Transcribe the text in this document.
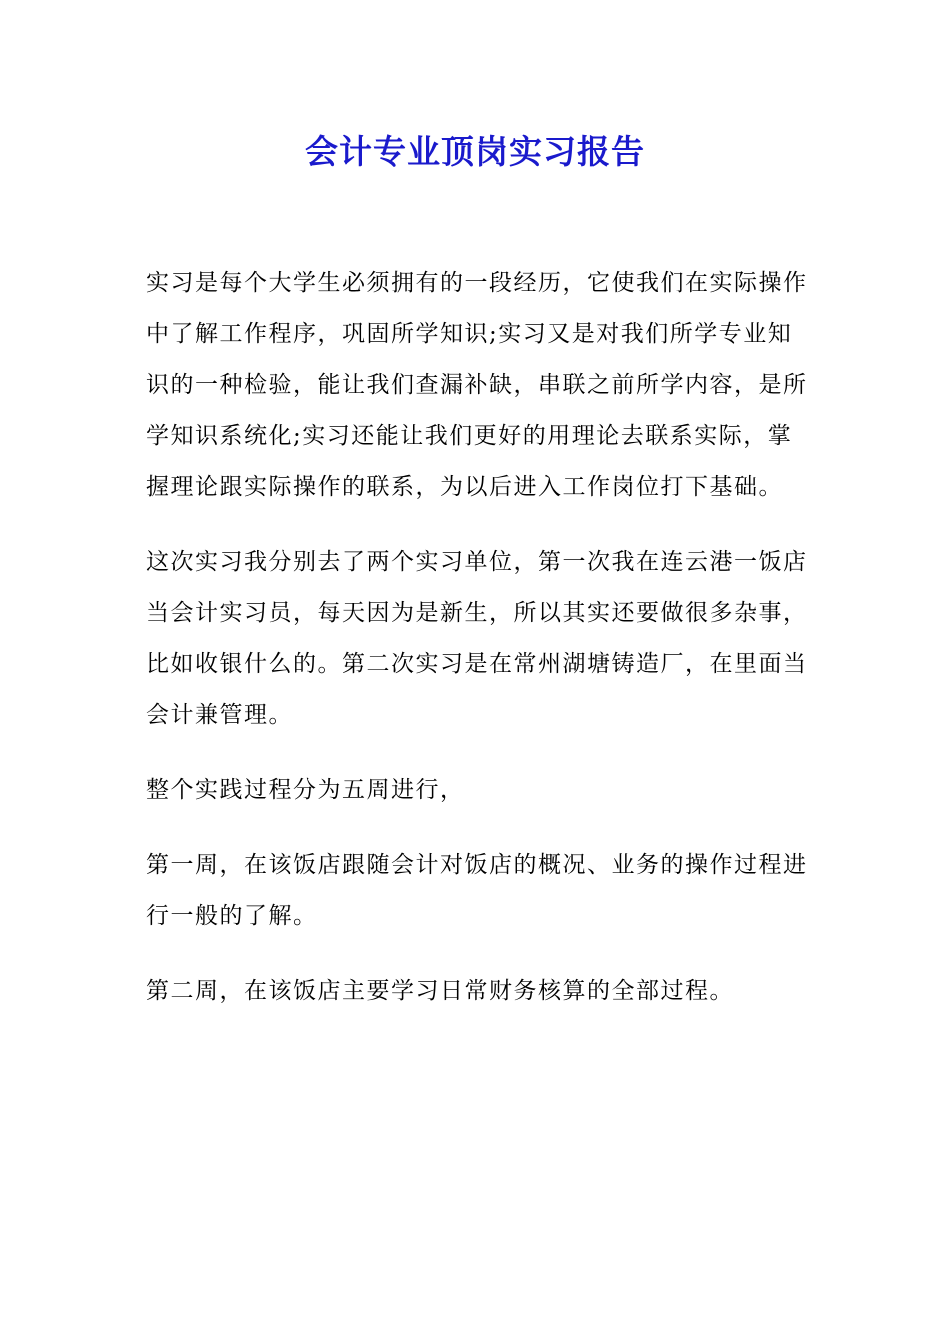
会计专业顶岗实习报告

实习是每个大学生必须拥有的一段经历，它使我们在实际操作中了解工作程序，巩固所学知识;实习又是对我们所学专业知识的一种检验，能让我们查漏补缺，串联之前所学内容，是所学知识系统化;实习还能让我们更好的用理论去联系实际，掌握理论跟实际操作的联系，为以后进入工作岗位打下基础。

这次实习我分别去了两个实习单位，第一次我在连云港一饭店当会计实习员，每天因为是新生，所以其实还要做很多杂事，比如收银什么的。第二次实习是在常州湖塘铸造厂，在里面当会计兼管理。

整个实践过程分为五周进行，

第一周，在该饭店跟随会计对饭店的概况、业务的操作过程进行一般的了解。

第二周，在该饭店主要学习日常财务核算的全部过程。
